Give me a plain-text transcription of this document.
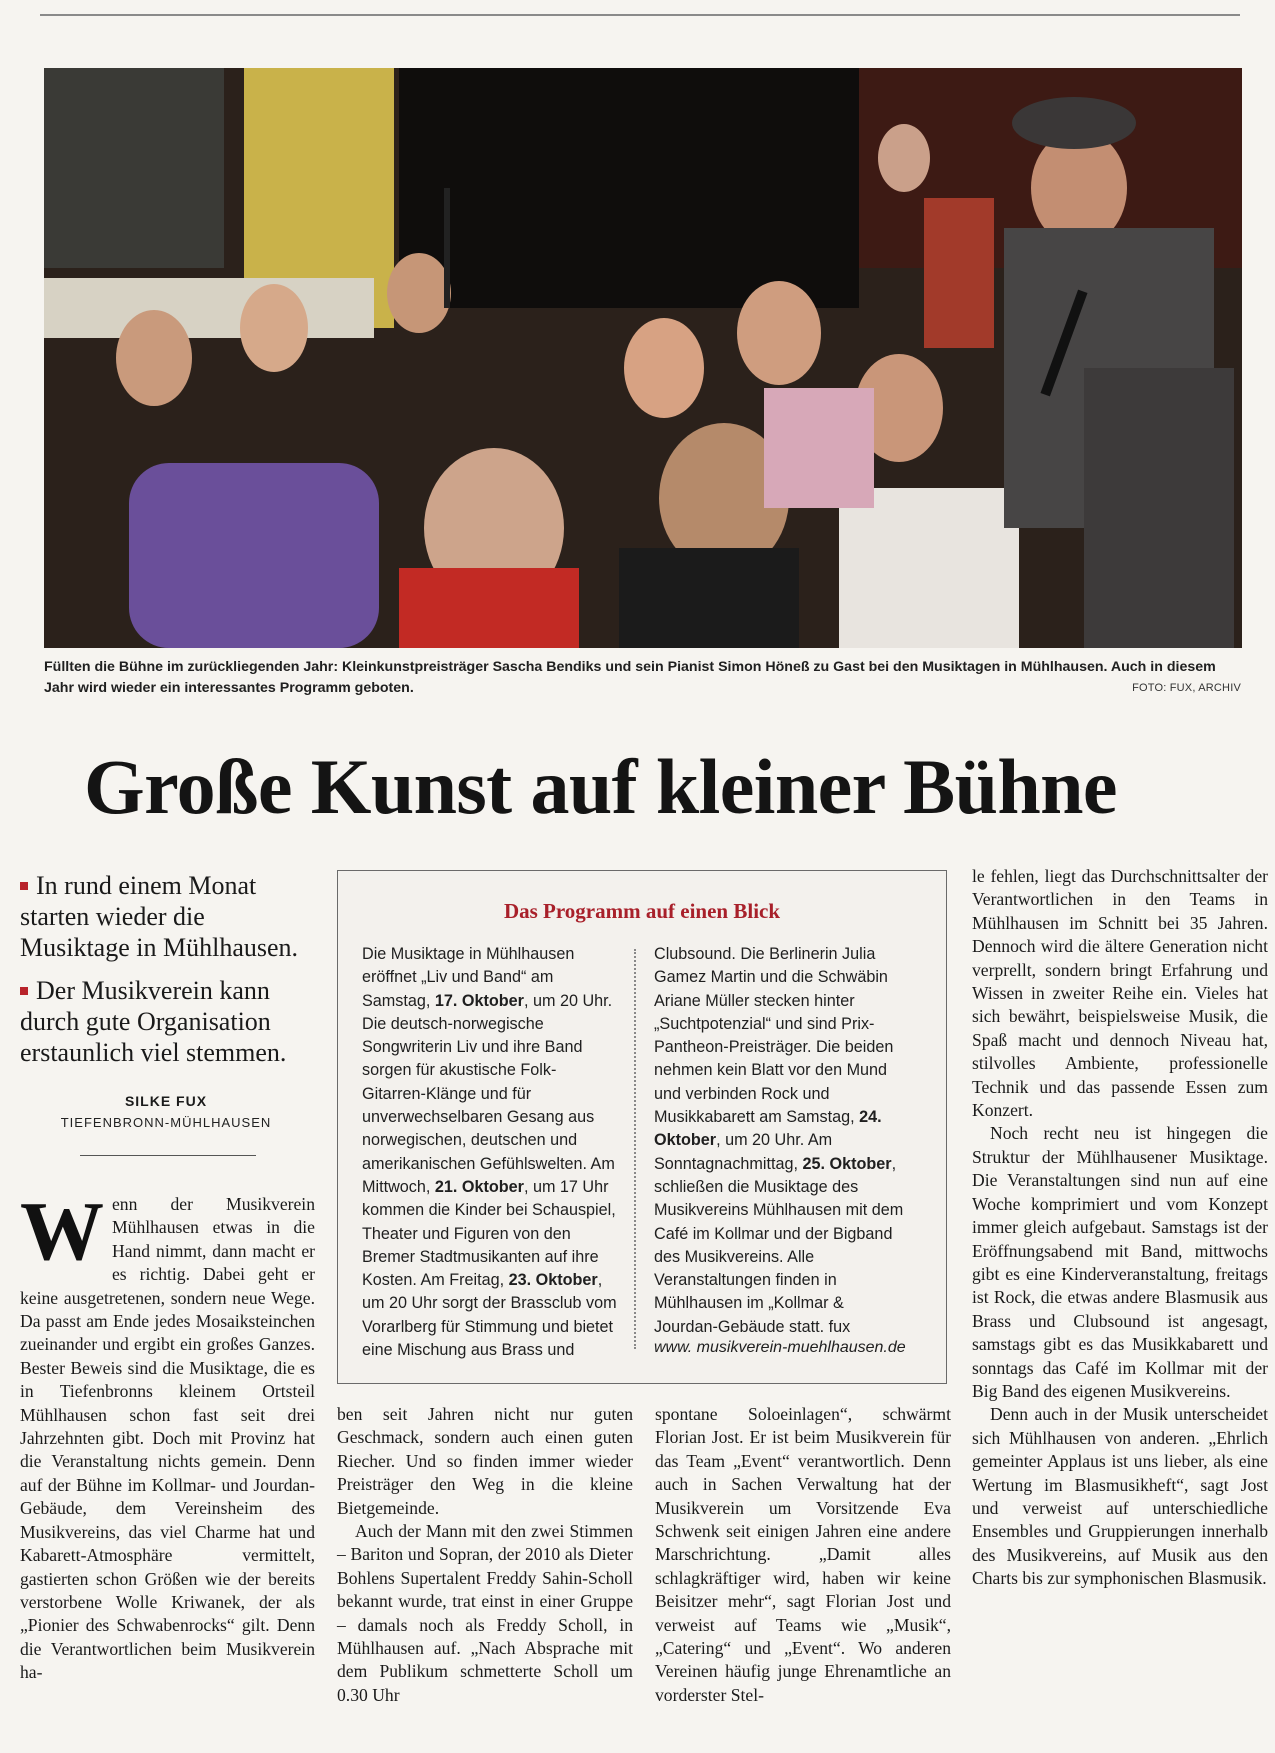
Füllten die Bühne im zurückliegenden Jahr: Kleinkunstpreisträger Sascha Bendiks und sein Pianist Simon Höneß zu Gast bei den Musiktagen in Mühlhausen. Auch in diesem Jahr wird wieder ein interessantes Programm geboten.	FOTO: FUX, ARCHIV
Große Kunst auf kleiner Bühne
In rund einem Monat starten wieder die Musiktage in Mühlhausen.
Der Musikverein kann durch gute Organisation erstaunlich viel stemmen.
SILKE FUX
TIEFENBRONN-MÜHLHAUSEN

Wenn der Musikverein Mühlhausen etwas in die Hand nimmt, dann macht er es richtig. Dabei geht er keine ausgetretenen, sondern neue Wege. Da passt am Ende jedes Mosaiksteinchen zueinander und ergibt ein großes Ganzes. Bester Beweis sind die Musiktage, die es in Tiefenbronns kleinem Ortsteil Mühlhausen schon fast seit drei Jahrzehnten gibt. Doch mit Provinz hat die Veranstaltung nichts gemein. Denn auf der Bühne im Kollmar- und Jourdan-Gebäude, dem Vereinsheim des Musikvereins, das viel Charme hat und Kabarett-Atmosphäre vermittelt, gastierten schon Größen wie der bereits verstorbene Wolle Kriwanek, der als „Pionier des Schwabenrocks“ gilt. Denn die Verantwortlichen beim Musikverein ha-

Das Programm auf einen Blick
Die Musiktage in Mühlhausen eröffnet „Liv und Band“ am Samstag, 17. Oktober, um 20 Uhr. Die deutsch-norwegische Songwriterin Liv und ihre Band sorgen für akustische Folk-Gitarren-Klänge und für unverwechselbaren Gesang aus norwegischen, deutschen und amerikanischen Gefühlswelten. Am Mittwoch, 21. Oktober, um 17 Uhr kommen die Kinder bei Schauspiel, Theater und Figuren von den Bremer Stadtmusikanten auf ihre Kosten. Am Freitag, 23. Oktober, um 20 Uhr sorgt der Brassclub vom Vorarlberg für Stimmung und bietet eine Mischung aus Brass und
Clubsound. Die Berlinerin Julia Gamez Martin und die Schwäbin Ariane Müller stecken hinter „Suchtpotenzial“ und sind Prix-Pantheon-Preisträger. Die beiden nehmen kein Blatt vor den Mund und verbinden Rock und Musikkabarett am Samstag, 24. Oktober, um 20 Uhr. Am Sonntagnachmittag, 25. Oktober, schließen die Musiktage des Musikvereins Mühlhausen mit dem Café im Kollmar und der Bigband des Musikvereins. Alle Veranstaltungen finden in Mühlhausen im „Kollmar & Jourdan-Gebäude statt. fux
www. musikverein-muehlhausen.de

ben seit Jahren nicht nur guten Geschmack, sondern auch einen guten Riecher. Und so finden immer wieder Preisträger den Weg in die kleine Bietgemeinde.

Auch der Mann mit den zwei Stimmen – Bariton und Sopran, der 2010 als Dieter Bohlens Supertalent Freddy Sahin-Scholl bekannt wurde, trat einst in einer Gruppe – damals noch als Freddy Scholl, in Mühlhausen auf. „Nach Absprache mit dem Publikum schmetterte Scholl um 0.30 Uhr

spontane Soloeinlagen“, schwärmt Florian Jost. Er ist beim Musikverein für das Team „Event“ verantwortlich. Denn auch in Sachen Verwaltung hat der Musikverein um Vorsitzende Eva Schwenk seit einigen Jahren eine andere Marschrichtung. „Damit alles schlagkräftiger wird, haben wir keine Beisitzer mehr“, sagt Florian Jost und verweist auf Teams wie „Musik“, „Catering“ und „Event“. Wo anderen Vereinen häufig junge Ehrenamtliche an vorderster Stel-

le fehlen, liegt das Durchschnittsalter der Verantwortlichen in den Teams in Mühlhausen im Schnitt bei 35 Jahren. Dennoch wird die ältere Generation nicht verprellt, sondern bringt Erfahrung und Wissen in zweiter Reihe ein. Vieles hat sich bewährt, beispielsweise Musik, die Spaß macht und dennoch Niveau hat, stilvolles Ambiente, professionelle Technik und das passende Essen zum Konzert.

Noch recht neu ist hingegen die Struktur der Mühlhausener Musiktage. Die Veranstaltungen sind nun auf eine Woche komprimiert und vom Konzept immer gleich aufgebaut. Samstags ist der Eröffnungsabend mit Band, mittwochs gibt es eine Kinderveranstaltung, freitags ist Rock, die etwas andere Blasmusik aus Brass und Clubsound ist angesagt, samstags gibt es das Musikkabarett und sonntags das Café im Kollmar mit der Big Band des eigenen Musikvereins.

Denn auch in der Musik unterscheidet sich Mühlhausen von anderen. „Ehrlich gemeinter Applaus ist uns lieber, als eine Wertung im Blasmusikheft“, sagt Jost und verweist auf unterschiedliche Ensembles und Gruppierungen innerhalb des Musikvereins, auf Musik aus den Charts bis zur symphonischen Blasmusik.
